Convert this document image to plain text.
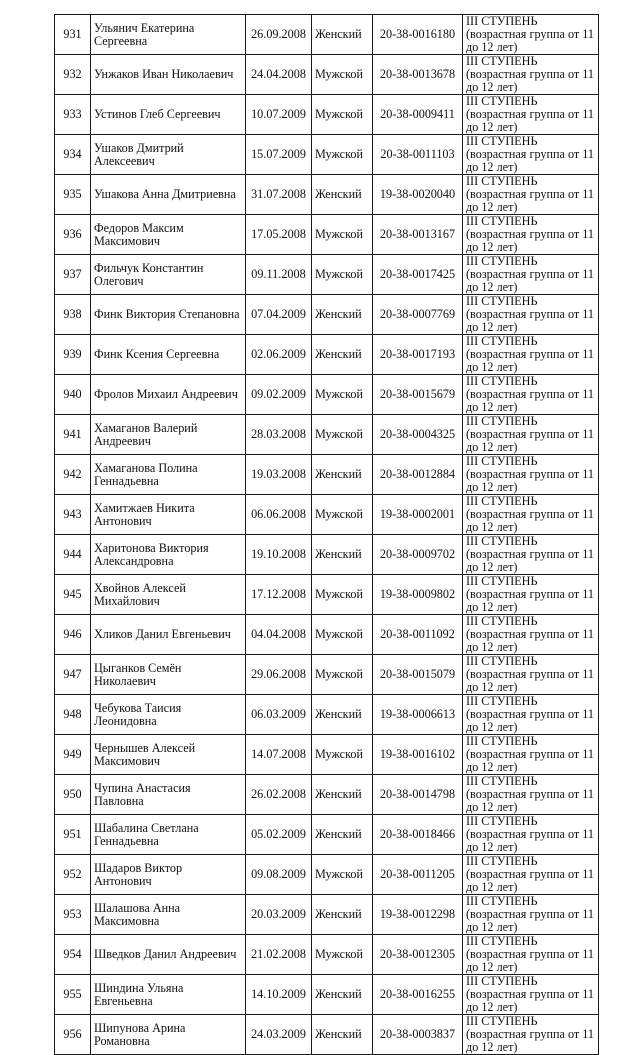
931	Ульянич Екатерина Сергеевна	26.09.2008	Женский	20-38-0016180	III СТУПЕНЬ (возрастная группа от 11 до 12 лет)
932	Унжаков Иван Николаевич	24.04.2008	Мужской	20-38-0013678	III СТУПЕНЬ (возрастная группа от 11 до 12 лет)
933	Устинов Глеб Сергеевич	10.07.2009	Мужской	20-38-0009411	III СТУПЕНЬ (возрастная группа от 11 до 12 лет)
934	Ушаков Дмитрий Алексеевич	15.07.2009	Мужской	20-38-0011103	III СТУПЕНЬ (возрастная группа от 11 до 12 лет)
935	Ушакова Анна Дмитриевна	31.07.2008	Женский	19-38-0020040	III СТУПЕНЬ (возрастная группа от 11 до 12 лет)
936	Федоров Максим Максимович	17.05.2008	Мужской	20-38-0013167	III СТУПЕНЬ (возрастная группа от 11 до 12 лет)
937	Фильчук Константин Олегович	09.11.2008	Мужской	20-38-0017425	III СТУПЕНЬ (возрастная группа от 11 до 12 лет)
938	Финк Виктория Степановна	07.04.2009	Женский	20-38-0007769	III СТУПЕНЬ (возрастная группа от 11 до 12 лет)
939	Финк Ксения Сергеевна	02.06.2009	Женский	20-38-0017193	III СТУПЕНЬ (возрастная группа от 11 до 12 лет)
940	Фролов Михаил Андреевич	09.02.2009	Мужской	20-38-0015679	III СТУПЕНЬ (возрастная группа от 11 до 12 лет)
941	Хамаганов Валерий Андреевич	28.03.2008	Мужской	20-38-0004325	III СТУПЕНЬ (возрастная группа от 11 до 12 лет)
942	Хамаганова Полина Геннадьевна	19.03.2008	Женский	20-38-0012884	III СТУПЕНЬ (возрастная группа от 11 до 12 лет)
943	Хамитжаев Никита Антонович	06.06.2008	Мужской	19-38-0002001	III СТУПЕНЬ (возрастная группа от 11 до 12 лет)
944	Харитонова Виктория Александровна	19.10.2008	Женский	20-38-0009702	III СТУПЕНЬ (возрастная группа от 11 до 12 лет)
945	Хвойнов Алексей Михайлович	17.12.2008	Мужской	19-38-0009802	III СТУПЕНЬ (возрастная группа от 11 до 12 лет)
946	Хликов Данил Евгеньевич	04.04.2008	Мужской	20-38-0011092	III СТУПЕНЬ (возрастная группа от 11 до 12 лет)
947	Цыганков Семён Николаевич	29.06.2008	Мужской	20-38-0015079	III СТУПЕНЬ (возрастная группа от 11 до 12 лет)
948	Чебукова Таисия Леонидовна	06.03.2009	Женский	19-38-0006613	III СТУПЕНЬ (возрастная группа от 11 до 12 лет)
949	Чернышев Алексей Максимович	14.07.2008	Мужской	19-38-0016102	III СТУПЕНЬ (возрастная группа от 11 до 12 лет)
950	Чупина Анастасия Павловна	26.02.2008	Женский	20-38-0014798	III СТУПЕНЬ (возрастная группа от 11 до 12 лет)
951	Шабалина Светлана Геннадьевна	05.02.2009	Женский	20-38-0018466	III СТУПЕНЬ (возрастная группа от 11 до 12 лет)
952	Шадаров Виктор Антонович	09.08.2009	Мужской	20-38-0011205	III СТУПЕНЬ (возрастная группа от 11 до 12 лет)
953	Шалашова Анна Максимовна	20.03.2009	Женский	19-38-0012298	III СТУПЕНЬ (возрастная группа от 11 до 12 лет)
954	Шведков Данил Андреевич	21.02.2008	Мужской	20-38-0012305	III СТУПЕНЬ (возрастная группа от 11 до 12 лет)
955	Шиндина Ульяна Евгеньевна	14.10.2009	Женский	20-38-0016255	III СТУПЕНЬ (возрастная группа от 11 до 12 лет)
956	Шипунова Арина Романовна	24.03.2009	Женский	20-38-0003837	III СТУПЕНЬ (возрастная группа от 11 до 12 лет)
